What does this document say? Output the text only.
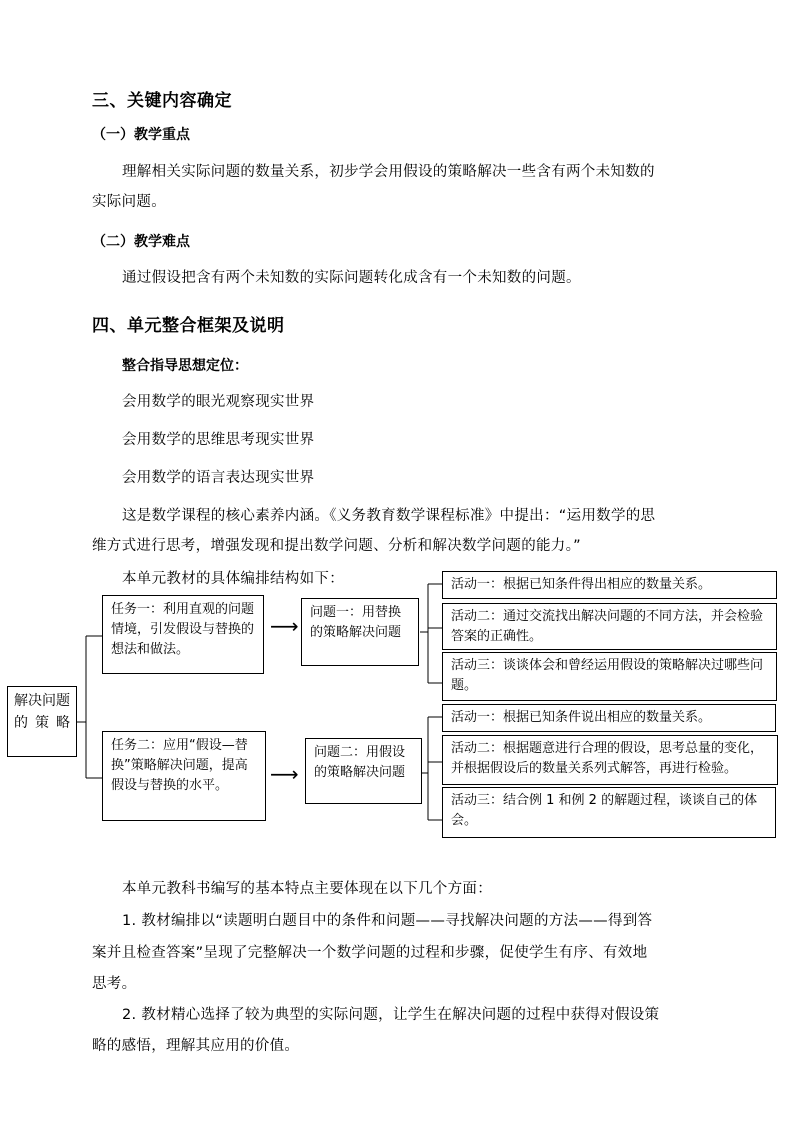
三、关键内容确定
（一）教学重点
理解相关实际问题的数量关系，初步学会用假设的策略解决一些含有两个未知数的
实际问题。
（二）教学难点
通过假设把含有两个未知数的实际问题转化成含有一个未知数的问题。
四、单元整合框架及说明
整合指导思想定位：
会用数学的眼光观察现实世界
会用数学的思维思考现实世界
会用数学的语言表达现实世界
这是数学课程的核心素养内涵。《义务教育数学课程标准》中提出：“运用数学的思
维方式进行思考，增强发现和提出数学问题、分析和解决数学问题的能力。”
本单元教材的具体编排结构如下：
解决问题的策略
任务一：利用直观的问题情境，引发假设与替换的想法和做法。
⟶
问题一：用替换的策略解决问题
活动一：根据已知条件得出相应的数量关系。
活动二：通过交流找出解决问题的不同方法，并会检验答案的正确性。
活动三：谈谈体会和曾经运用假设的策略解决过哪些问题。
任务二：应用“假设—替换”策略解决问题，提高假设与替换的水平。	⟶
问题二：用假设的策略解决问题
活动一：根据已知条件说出相应的数量关系。
活动二：根据题意进行合理的假设，思考总量的变化，并根据假设后的数量关系列式解答，再进行检验。
活动三：结合例 1 和例 2 的解题过程，谈谈自己的体会。
本单元教科书编写的基本特点主要体现在以下几个方面：
1. 教材编排以“读题明白题目中的条件和问题——寻找解决问题的方法——得到答
案并且检查答案”呈现了完整解决一个数学问题的过程和步骤，促使学生有序、有效地
思考。
2. 教材精心选择了较为典型的实际问题，让学生在解决问题的过程中获得对假设策
略的感悟，理解其应用的价值。
